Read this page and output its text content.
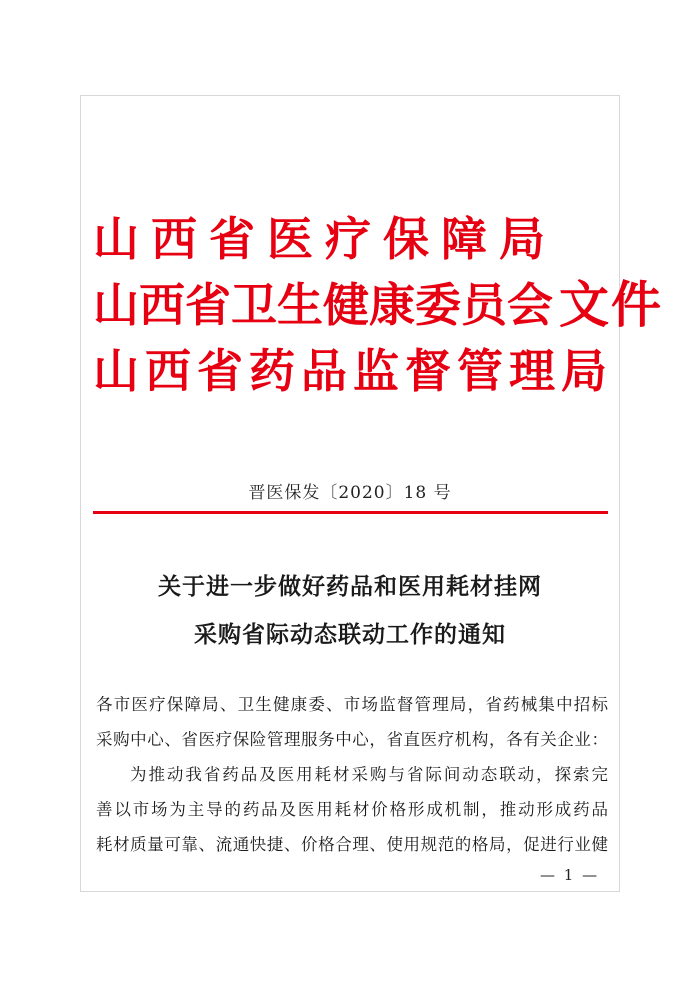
山西省医疗保障局
山西省卫生健康委员会 文件
山西省药品监督管理局
晋医保发〔2020〕18 号
关于进一步做好药品和医用耗材挂网
采购省际动态联动工作的通知
各市医疗保障局、卫生健康委、市场监督管理局，省药械集中招标
采购中心、省医疗保险管理服务中心，省直医疗机构，各有关企业：
为推动我省药品及医用耗材采购与省际间动态联动，探索完
善以市场为主导的药品及医用耗材价格形成机制，推动形成药品
耗材质量可靠、流通快捷、价格合理、使用规范的格局，促进行业健
— 1 —
